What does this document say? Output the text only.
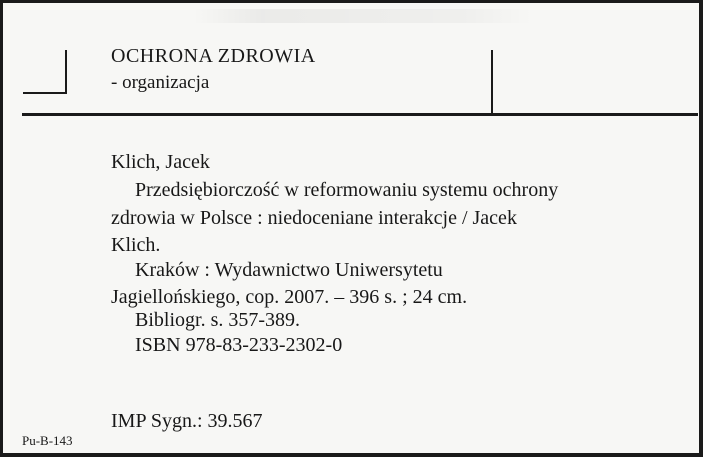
OCHRONA ZDROWIA
- organizacja
Klich, Jacek
Przedsiębiorczość w reformowaniu systemu ochrony
zdrowia w Polsce : niedoceniane interakcje / Jacek
Klich.
Kraków : Wydawnictwo Uniwersytetu
Jagiellońskiego, cop. 2007. – 396 s. ; 24 cm.
Bibliogr. s. 357-389.
ISBN 978-83-233-2302-0
IMP Sygn.: 39.567
Pu-B-143
